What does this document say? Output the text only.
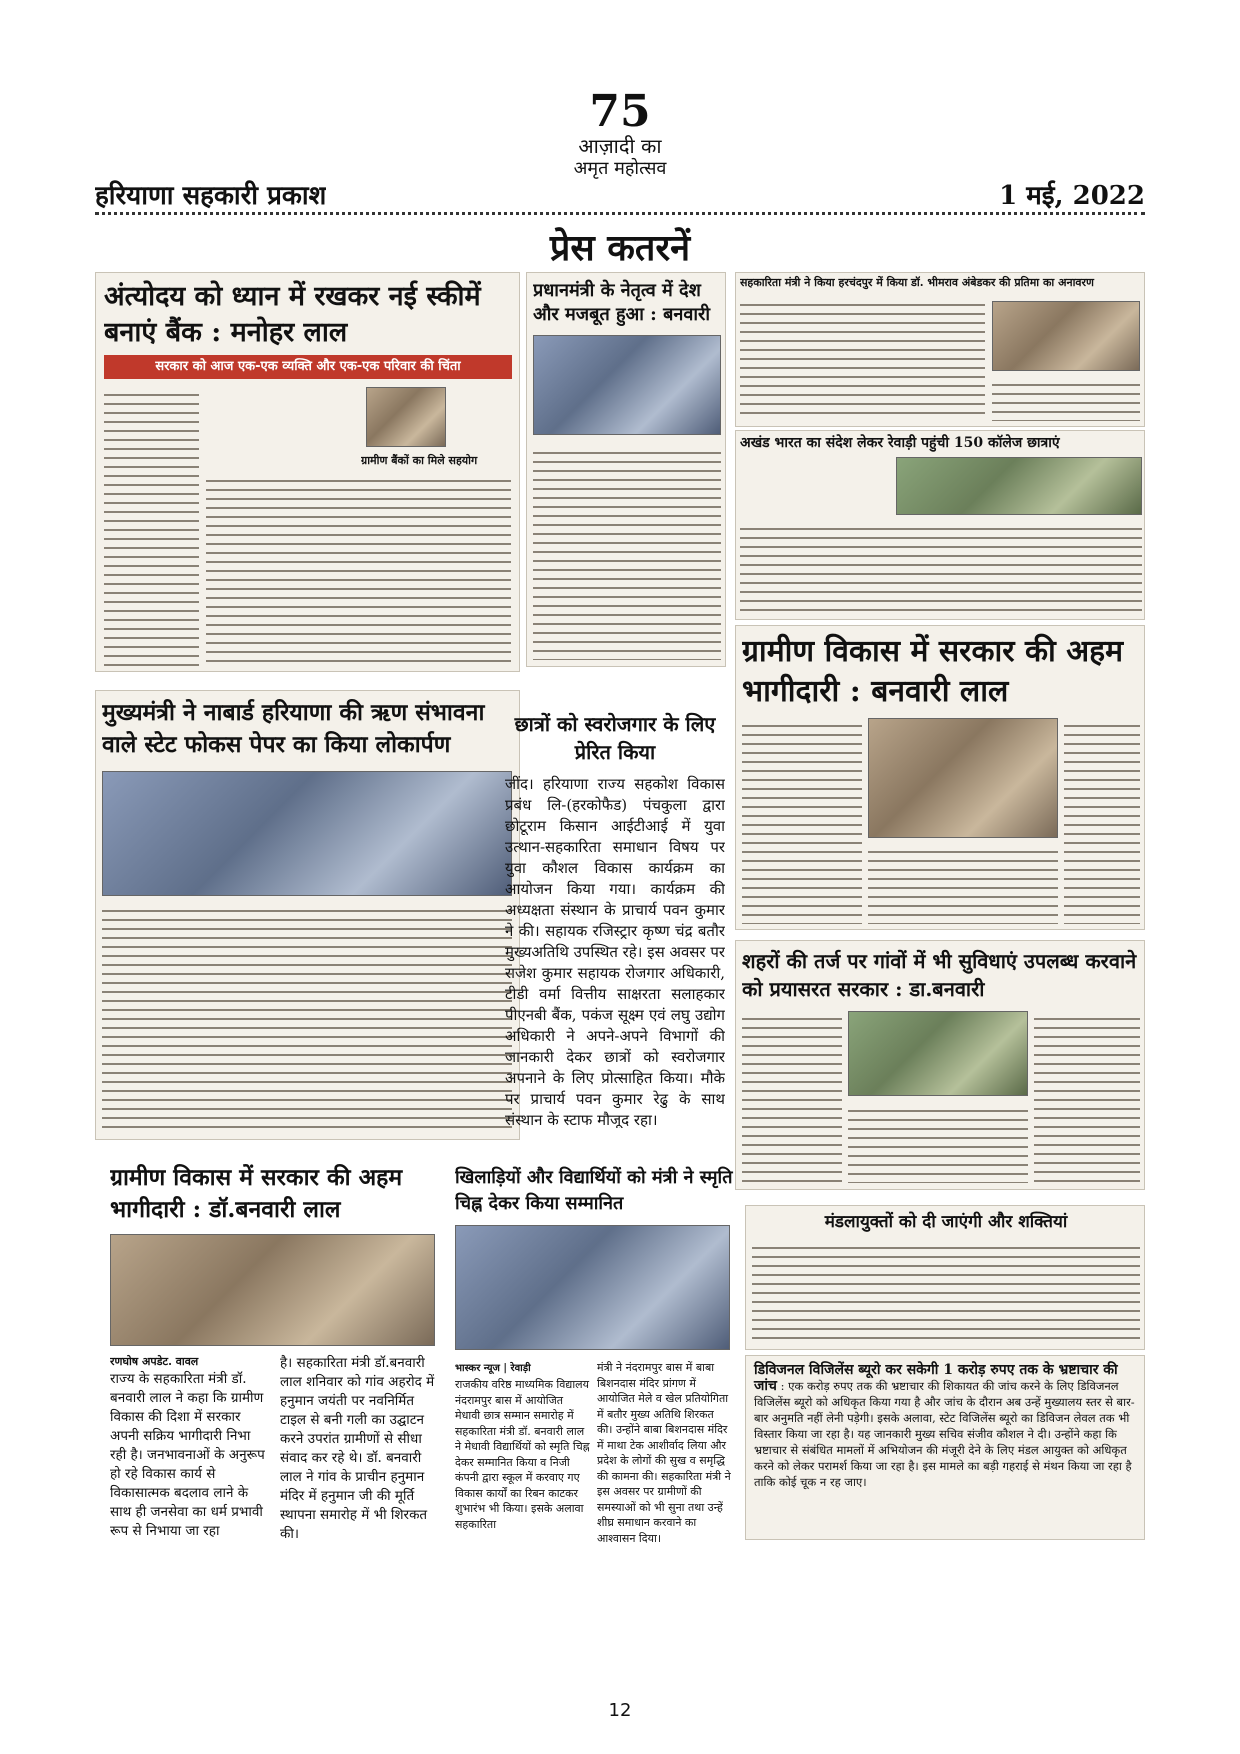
75
आज़ादी का
अमृत महोत्सव
हरियाणा सहकारी प्रकाश	1 मई, 2022
प्रेस कतरनें
अंत्योदय को ध्यान में रखकर नई स्कीमें बनाएं बैंक : मनोहर लाल
सरकार को आज एक-एक व्यक्ति और एक-एक परिवार की चिंता
ग्रामीण बैंकों का मिले सहयोग
प्रधानमंत्री के नेतृत्व में देश और मजबूत हुआ : बनवारी
सहकारिता मंत्री ने किया हरचंदपुर में किया डॉ. भीमराव अंबेडकर की प्रतिमा का अनावरण
अखंड भारत का संदेश लेकर रेवाड़ी पहुंची 150 कॉलेज छात्राएं
ग्रामीण विकास में सरकार की अहम भागीदारी : बनवारी लाल
मुख्यमंत्री ने नाबार्ड हरियाणा की ऋण संभावना वाले स्टेट फोकस पेपर का किया लोकार्पण
छात्रों को स्वरोजगार के लिए प्रेरित किया
जींद। हरियाणा राज्य सहकोश विकास प्रबंध लि-(हरकोफैड) पंचकुला द्वारा छोटूराम किसान आईटीआई में युवा उत्थान-सहकारिता समाधान विषय पर युवा कौशल विकास कार्यक्रम का आयोजन किया गया। कार्यक्रम की अध्यक्षता संस्थान के प्राचार्य पवन कुमार ने की। सहायक रजिस्ट्रार कृष्ण चंद्र बतौर मुख्यअतिथि उपस्थित रहे। इस अवसर पर राजेश कुमार सहायक रोजगार अधिकारी, टीडी वर्मा वित्तीय साक्षरता सलाहकार पीएनबी बैंक, पकंज सूक्ष्म एवं लघु उद्योग अधिकारी ने अपने-अपने विभागों की जानकारी देकर छात्रों को स्वरोजगार अपनाने के लिए प्रोत्साहित किया। मौके पर प्राचार्य पवन कुमार रेढु के साथ संस्थान के स्टाफ मौजूद रहा।
शहरों की तर्ज पर गांवों में भी सुविधाएं उपलब्ध करवाने को प्रयासरत सरकार : डा.बनवारी
ग्रामीण विकास में सरकार की अहम भागीदारी : डॉ.बनवारी लाल
रणघोष अपडेट. वावल
राज्य के सहकारिता मंत्री डॉ. बनवारी लाल ने कहा कि ग्रामीण विकास की दिशा में सरकार अपनी सक्रिय भागीदारी निभा रही है। जनभावनाओं के अनुरूप हो रहे विकास कार्य से विकासात्मक बदलाव लाने के साथ ही जनसेवा का धर्म प्रभावी रूप से निभाया जा रहा
है। सहकारिता मंत्री डॉ.बनवारी लाल शनिवार को गांव अहरोद में हनुमान जयंती पर नवनिर्मित टाइल से बनी गली का उद्घाटन करने उपरांत ग्रामीणों से सीधा संवाद कर रहे थे। डॉ. बनवारी लाल ने गांव के प्राचीन हनुमान मंदिर में हनुमान जी की मूर्ति स्थापना समारोह में भी शिरकत की।
खिलाड़ियों और विद्यार्थियों को मंत्री ने स्मृति चिह्न देकर किया सम्मानित
भास्कर न्यूज | रेवाड़ी
राजकीय वरिष्ठ माध्यमिक विद्यालय नंदरामपुर बास में आयोजित मेधावी छात्र सम्मान समारोह में सहकारिता मंत्री डॉ. बनवारी लाल ने मेधावी विद्यार्थियों को स्मृति चिह्न देकर सम्मानित किया व निजी कंपनी द्वारा स्कूल में करवाए गए विकास कार्यों का रिबन काटकर शुभारंभ भी किया। इसके अलावा सहकारिता
मंत्री ने नंदरामपुर बास में बाबा बिशनदास मंदिर प्रांगण में आयोजित मेले व खेल प्रतियोगिता में बतौर मुख्य अतिथि शिरकत की। उन्होंने बाबा बिशनदास मंदिर में माथा टेक आशीर्वाद लिया और प्रदेश के लोगों की सुख व समृद्धि की कामना की। सहकारिता मंत्री ने इस अवसर पर ग्रामीणों की समस्याओं को भी सुना तथा उन्हें शीघ्र समाधान करवाने का आश्वासन दिया।
मंडलायुक्तों को दी जाएंगी और शक्तियां
डिविजनल विजिलेंस ब्यूरो कर सकेगी 1 करोड़ रुपए तक के भ्रष्टाचार की जांच : एक करोड़ रुपए तक की भ्रष्टाचार की शिकायत की जांच करने के लिए डिविजनल विजिलेंस ब्यूरो को अधिकृत किया गया है और जांच के दौरान अब उन्हें मुख्यालय स्तर से बार-बार अनुमति नहीं लेनी पड़ेगी। इसके अलावा, स्टेट विजिलेंस ब्यूरो का डिविजन लेवल तक भी विस्तार किया जा रहा है। यह जानकारी मुख्य सचिव संजीव कौशल ने दी। उन्होंने कहा कि भ्रष्टाचार से संबंधित मामलों में अभियोजन की मंजूरी देने के लिए मंडल आयुक्त को अधिकृत करने को लेकर परामर्श किया जा रहा है। इस मामले का बड़ी गहराई से मंथन किया जा रहा है ताकि कोई चूक न रह जाए।
12
